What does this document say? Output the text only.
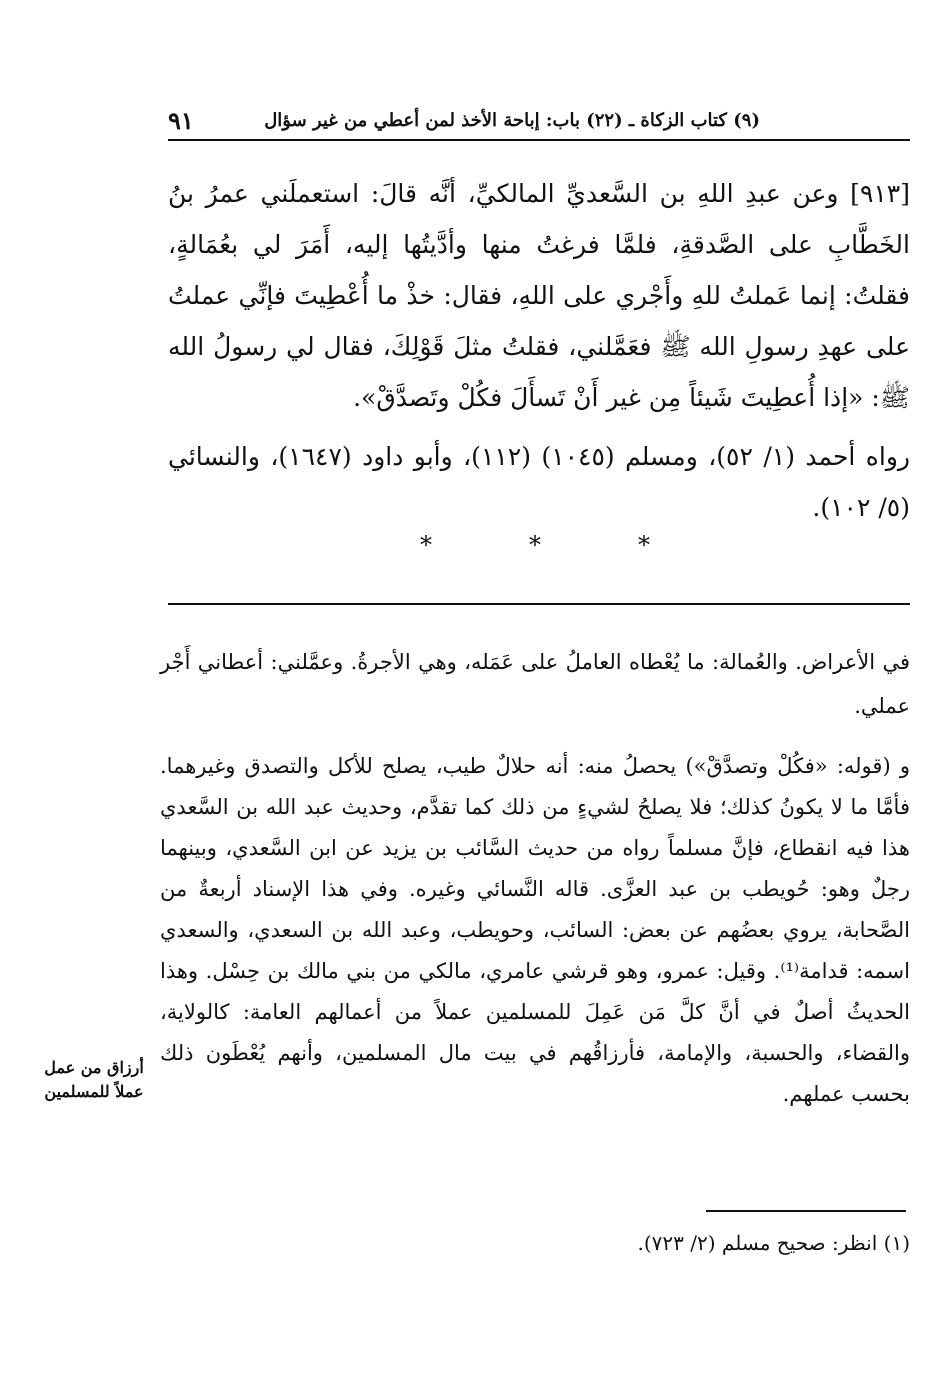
(٩) كتاب الزكاة ـ (٢٢) باب: إباحة الأخذ لمن أعطي من غير سؤال
٩١

[٩١٣] وعن عبدِ اللهِ بن السَّعديِّ المالكيِّ، أنَّه قالَ: استعملَني عمرُ بنُ الخَطَّابِ على الصَّدقةِ، فلمَّا فرغتُ منها وأدَّيتُها إليه، أَمَرَ لي بعُمَالةٍ، فقلتُ: إنما عَملتُ للهِ وأَجْري على اللهِ، فقال: خذْ ما أُعْطِيتَ فإنِّي عملتُ على عهدِ رسولِ الله ﷺ فعَمَّلني، فقلتُ مثلَ قَوْلِكَ، فقال لي رسولُ الله ﷺ: «إذا أُعطِيتَ شَيئاً مِن غير أَنْ تَسأَلَ فكُلْ وتَصدَّقْ».

رواه أحمد (١/ ٥٢)، ومسلم (١٠٤٥) (١١٢)، وأبو داود (١٦٤٧)، والنسائي (٥/ ١٠٢).

*	*	*

في الأعراض. والعُمالة: ما يُعْطاه العاملُ على عَمَله، وهي الأجرةُ. وعمَّلني: أعطاني أَجْر عملي.

و (قوله: «فكُلْ وتصدَّقْ») يحصلُ منه: أنه حلالٌ طيب، يصلح للأكل والتصدق وغيرهما. فأمَّا ما لا يكونُ كذلك؛ فلا يصلحُ لشيءٍ من ذلك كما تقدَّم، وحديث عبد الله بن السَّعدي هذا فيه انقطاع، فإنَّ مسلماً رواه من حديث السَّائب بن يزيد عن ابن السَّعدي، وبينهما رجلٌ وهو: حُويطب بن عبد العزَّى. قاله النَّسائي وغيره. وفي هذا الإسناد أربعةٌ من الصَّحابة، يروي بعضُهم عن بعض: السائب، وحويطب، وعبد الله بن السعدي، والسعدي اسمه: قدامة⁽¹⁾. وقيل: عمرو، وهو قرشي عامري، مالكي من بني مالك بن حِسْل. وهذا الحديثُ أصلٌ في أنَّ كلَّ مَن عَمِلَ للمسلمين عملاً من أعمالهم العامة: كالولاية، والقضاء، والحسبة، والإمامة، فأرزاقُهم في بيت مال المسلمين، وأنهم يُعْطَون ذلك بحسب عملهم.

أرزاق من عمل عملاً للمسلمين
(١) انظر: صحيح مسلم (٢/ ٧٢٣).
